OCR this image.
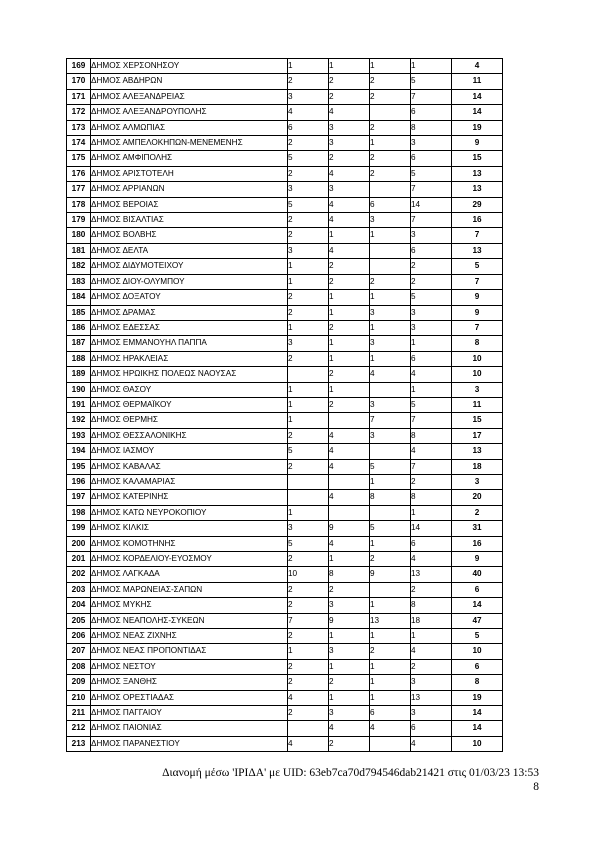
169	ΔΗΜΟΣ ΧΕΡΣΟΝΗΣΟΥ	1	1	1	1	4
170	ΔΗΜΟΣ ΑΒΔΗΡΩΝ	2	2	2	5	11
171	ΔΗΜΟΣ ΑΛΕΞΑΝΔΡΕΙΑΣ	3	2	2	7	14
172	ΔΗΜΟΣ ΑΛΕΞΑΝΔΡΟΥΠΟΛΗΣ	4	4		6	14
173	ΔΗΜΟΣ ΑΛΜΩΠΙΑΣ	6	3	2	8	19
174	ΔΗΜΟΣ ΑΜΠΕΛΟΚΗΠΩΝ-ΜΕΝΕΜΕΝΗΣ	2	3	1	3	9
175	ΔΗΜΟΣ ΑΜΦΙΠΟΛΗΣ	5	2	2	6	15
176	ΔΗΜΟΣ ΑΡΙΣΤΟΤΕΛΗ	2	4	2	5	13
177	ΔΗΜΟΣ ΑΡΡΙΑΝΩΝ	3	3		7	13
178	ΔΗΜΟΣ ΒΕΡΟΙΑΣ	5	4	6	14	29
179	ΔΗΜΟΣ ΒΙΣΑΛΤΙΑΣ	2	4	3	7	16
180	ΔΗΜΟΣ ΒΟΛΒΗΣ	2	1	1	3	7
181	ΔΗΜΟΣ ΔΕΛΤΑ	3	4		6	13
182	ΔΗΜΟΣ ΔΙΔΥΜΟΤΕΙΧΟΥ	1	2		2	5
183	ΔΗΜΟΣ ΔΙΟΥ-ΟΛΥΜΠΟΥ	1	2	2	2	7
184	ΔΗΜΟΣ ΔΟΞΑΤΟΥ	2	1	1	5	9
185	ΔΗΜΟΣ ΔΡΑΜΑΣ	2	1	3	3	9
186	ΔΗΜΟΣ ΕΔΕΣΣΑΣ	1	2	1	3	7
187	ΔΗΜΟΣ ΕΜΜΑΝΟΥΗΛ ΠΑΠΠΑ	3	1	3	1	8
188	ΔΗΜΟΣ ΗΡΑΚΛΕΙΑΣ	2	1	1	6	10
189	ΔΗΜΟΣ ΗΡΩΙΚΗΣ ΠΟΛΕΩΣ ΝΑΟΥΣΑΣ		2	4	4	10
190	ΔΗΜΟΣ ΘΑΣΟΥ	1	1		1	3
191	ΔΗΜΟΣ ΘΕΡΜΑΪΚΟΥ	1	2	3	5	11
192	ΔΗΜΟΣ ΘΕΡΜΗΣ	1		7	7	15
193	ΔΗΜΟΣ ΘΕΣΣΑΛΟΝΙΚΗΣ	2	4	3	8	17
194	ΔΗΜΟΣ ΙΑΣΜΟΥ	5	4		4	13
195	ΔΗΜΟΣ ΚΑΒΑΛΑΣ	2	4	5	7	18
196	ΔΗΜΟΣ ΚΑΛΑΜΑΡΙΑΣ			1	2	3
197	ΔΗΜΟΣ ΚΑΤΕΡΙΝΗΣ		4	8	8	20
198	ΔΗΜΟΣ ΚΑΤΩ ΝΕΥΡΟΚΟΠΙΟΥ	1			1	2
199	ΔΗΜΟΣ ΚΙΛΚΙΣ	3	9	5	14	31
200	ΔΗΜΟΣ ΚΟΜΟΤΗΝΗΣ	5	4	1	6	16
201	ΔΗΜΟΣ ΚΟΡΔΕΛΙΟΥ-ΕΥΟΣΜΟΥ	2	1	2	4	9
202	ΔΗΜΟΣ ΛΑΓΚΑΔΑ	10	8	9	13	40
203	ΔΗΜΟΣ ΜΑΡΩΝΕΙΑΣ-ΣΑΠΩΝ	2	2		2	6
204	ΔΗΜΟΣ ΜΥΚΗΣ	2	3	1	8	14
205	ΔΗΜΟΣ ΝΕΑΠΟΛΗΣ-ΣΥΚΕΩΝ	7	9	13	18	47
206	ΔΗΜΟΣ ΝΕΑΣ ΖΙΧΝΗΣ	2	1	1	1	5
207	ΔΗΜΟΣ ΝΕΑΣ ΠΡΟΠΟΝΤΙΔΑΣ	1	3	2	4	10
208	ΔΗΜΟΣ ΝΕΣΤΟΥ	2	1	1	2	6
209	ΔΗΜΟΣ ΞΑΝΘΗΣ	2	2	1	3	8
210	ΔΗΜΟΣ ΟΡΕΣΤΙΑΔΑΣ	4	1	1	13	19
211	ΔΗΜΟΣ ΠΑΓΓΑΙΟΥ	2	3	6	3	14
212	ΔΗΜΟΣ ΠΑΙΟΝΙΑΣ		4	4	6	14
213	ΔΗΜΟΣ ΠΑΡΑΝΕΣΤΙΟΥ	4	2		4	10
Διανομή μέσω 'ΙΡΙΔΑ' με UID: 63eb7ca70d794546dab21421 στις 01/03/23 13:53
8
